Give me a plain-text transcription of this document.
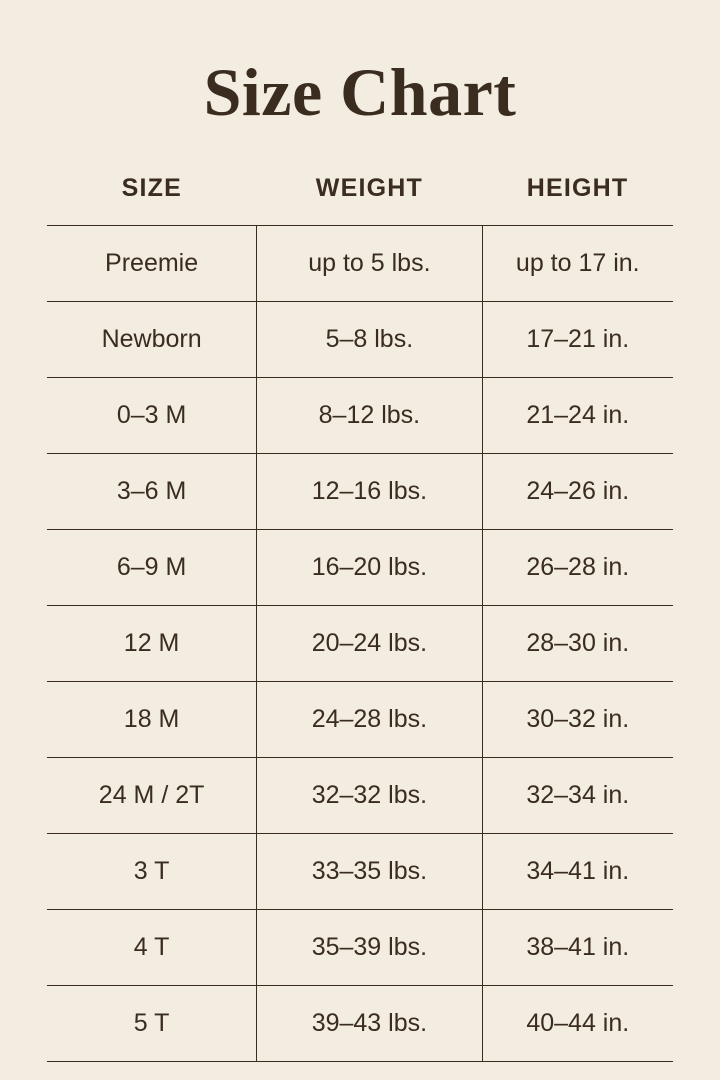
Size Chart
SIZE	WEIGHT	HEIGHT
Preemie	up to 5 lbs.	up to 17 in.
Newborn	5–8 lbs.	17–21 in.
0–3 M	8–12 lbs.	21–24 in.
3–6 M	12–16 lbs.	24–26 in.
6–9 M	16–20 lbs.	26–28 in.
12 M	20–24 lbs.	28–30 in.
18 M	24–28 lbs.	30–32 in.
24 M / 2T	32–32 lbs.	32–34 in.
3 T	33–35 lbs.	34–41 in.
4 T	35–39 lbs.	38–41 in.
5 T	39–43 lbs.	40–44 in.
